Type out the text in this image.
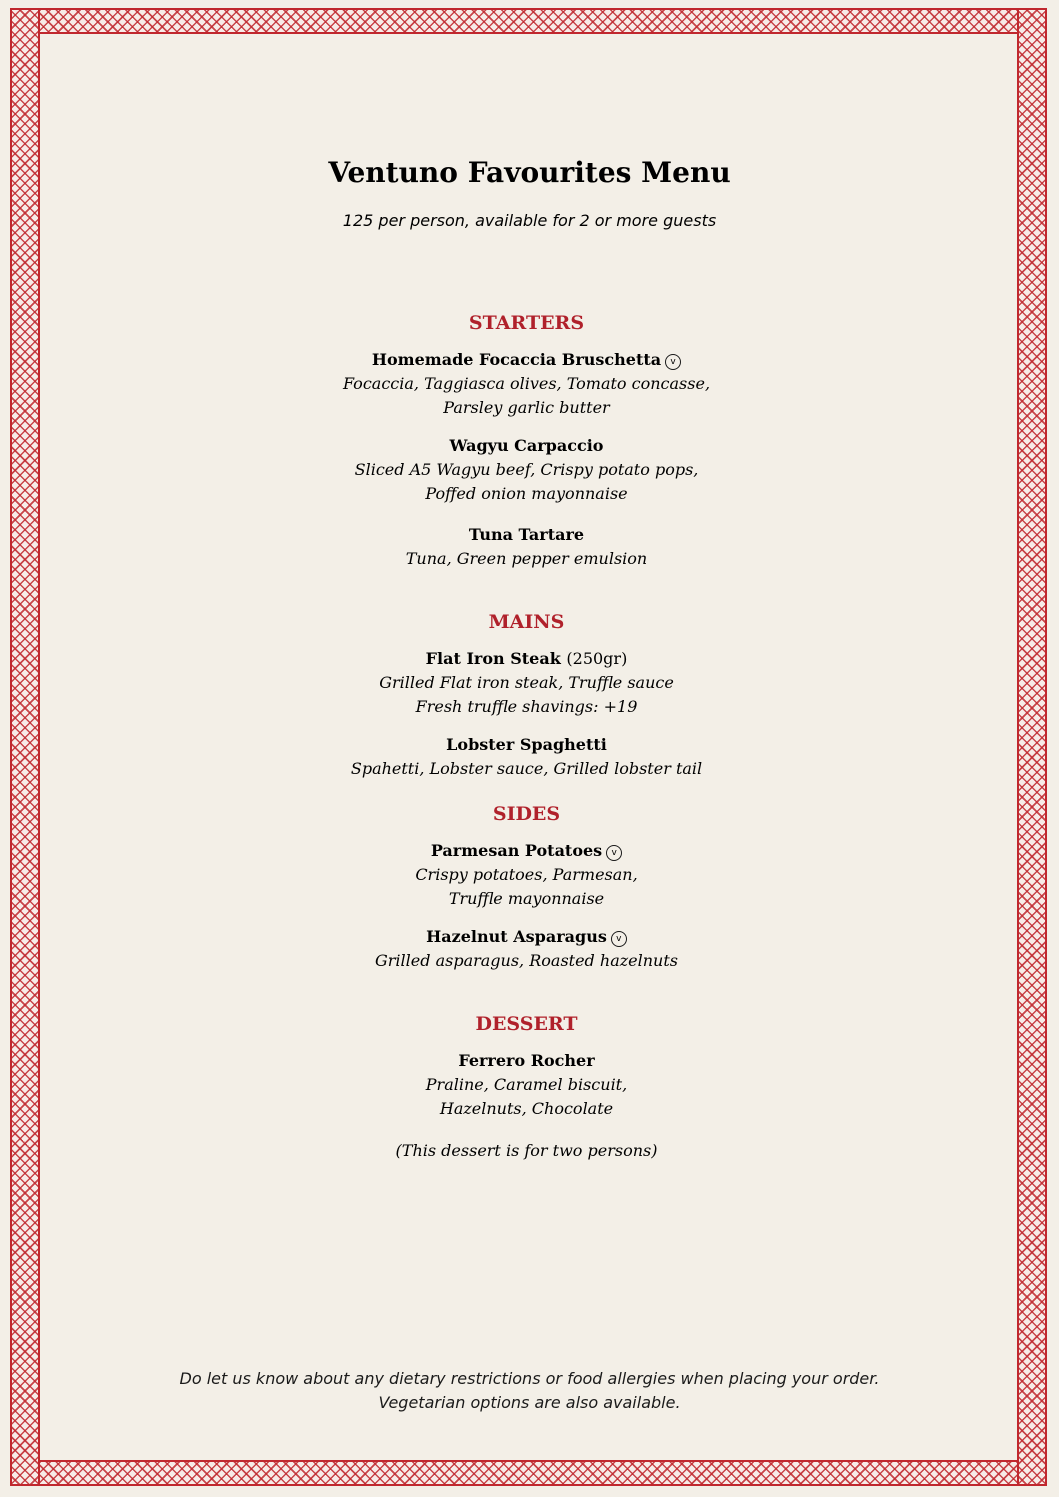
Ventuno Favourites Menu
125 per person, available for 2 or more guests
STARTERS
Homemade Focaccia Bruschetta v
Focaccia, Taggiasca olives, Tomato concasse,
Parsley garlic butter
Wagyu Carpaccio
Sliced A5 Wagyu beef, Crispy potato pops,
Poffed onion mayonnaise
Tuna Tartare
Tuna, Green pepper emulsion
MAINS
Flat Iron Steak (250gr)
Grilled Flat iron steak, Truffle sauce
Fresh truffle shavings: +19
Lobster Spaghetti
Spahetti, Lobster sauce, Grilled lobster tail
SIDES
Parmesan Potatoes v
Crispy potatoes, Parmesan,
Truffle mayonnaise
Hazelnut Asparagus v
Grilled asparagus, Roasted hazelnuts
DESSERT
Ferrero Rocher
Praline, Caramel biscuit,
Hazelnuts, Chocolate
(This dessert is for two persons)
Do let us know about any dietary restrictions or food allergies when placing your order.
Vegetarian options are also available.
